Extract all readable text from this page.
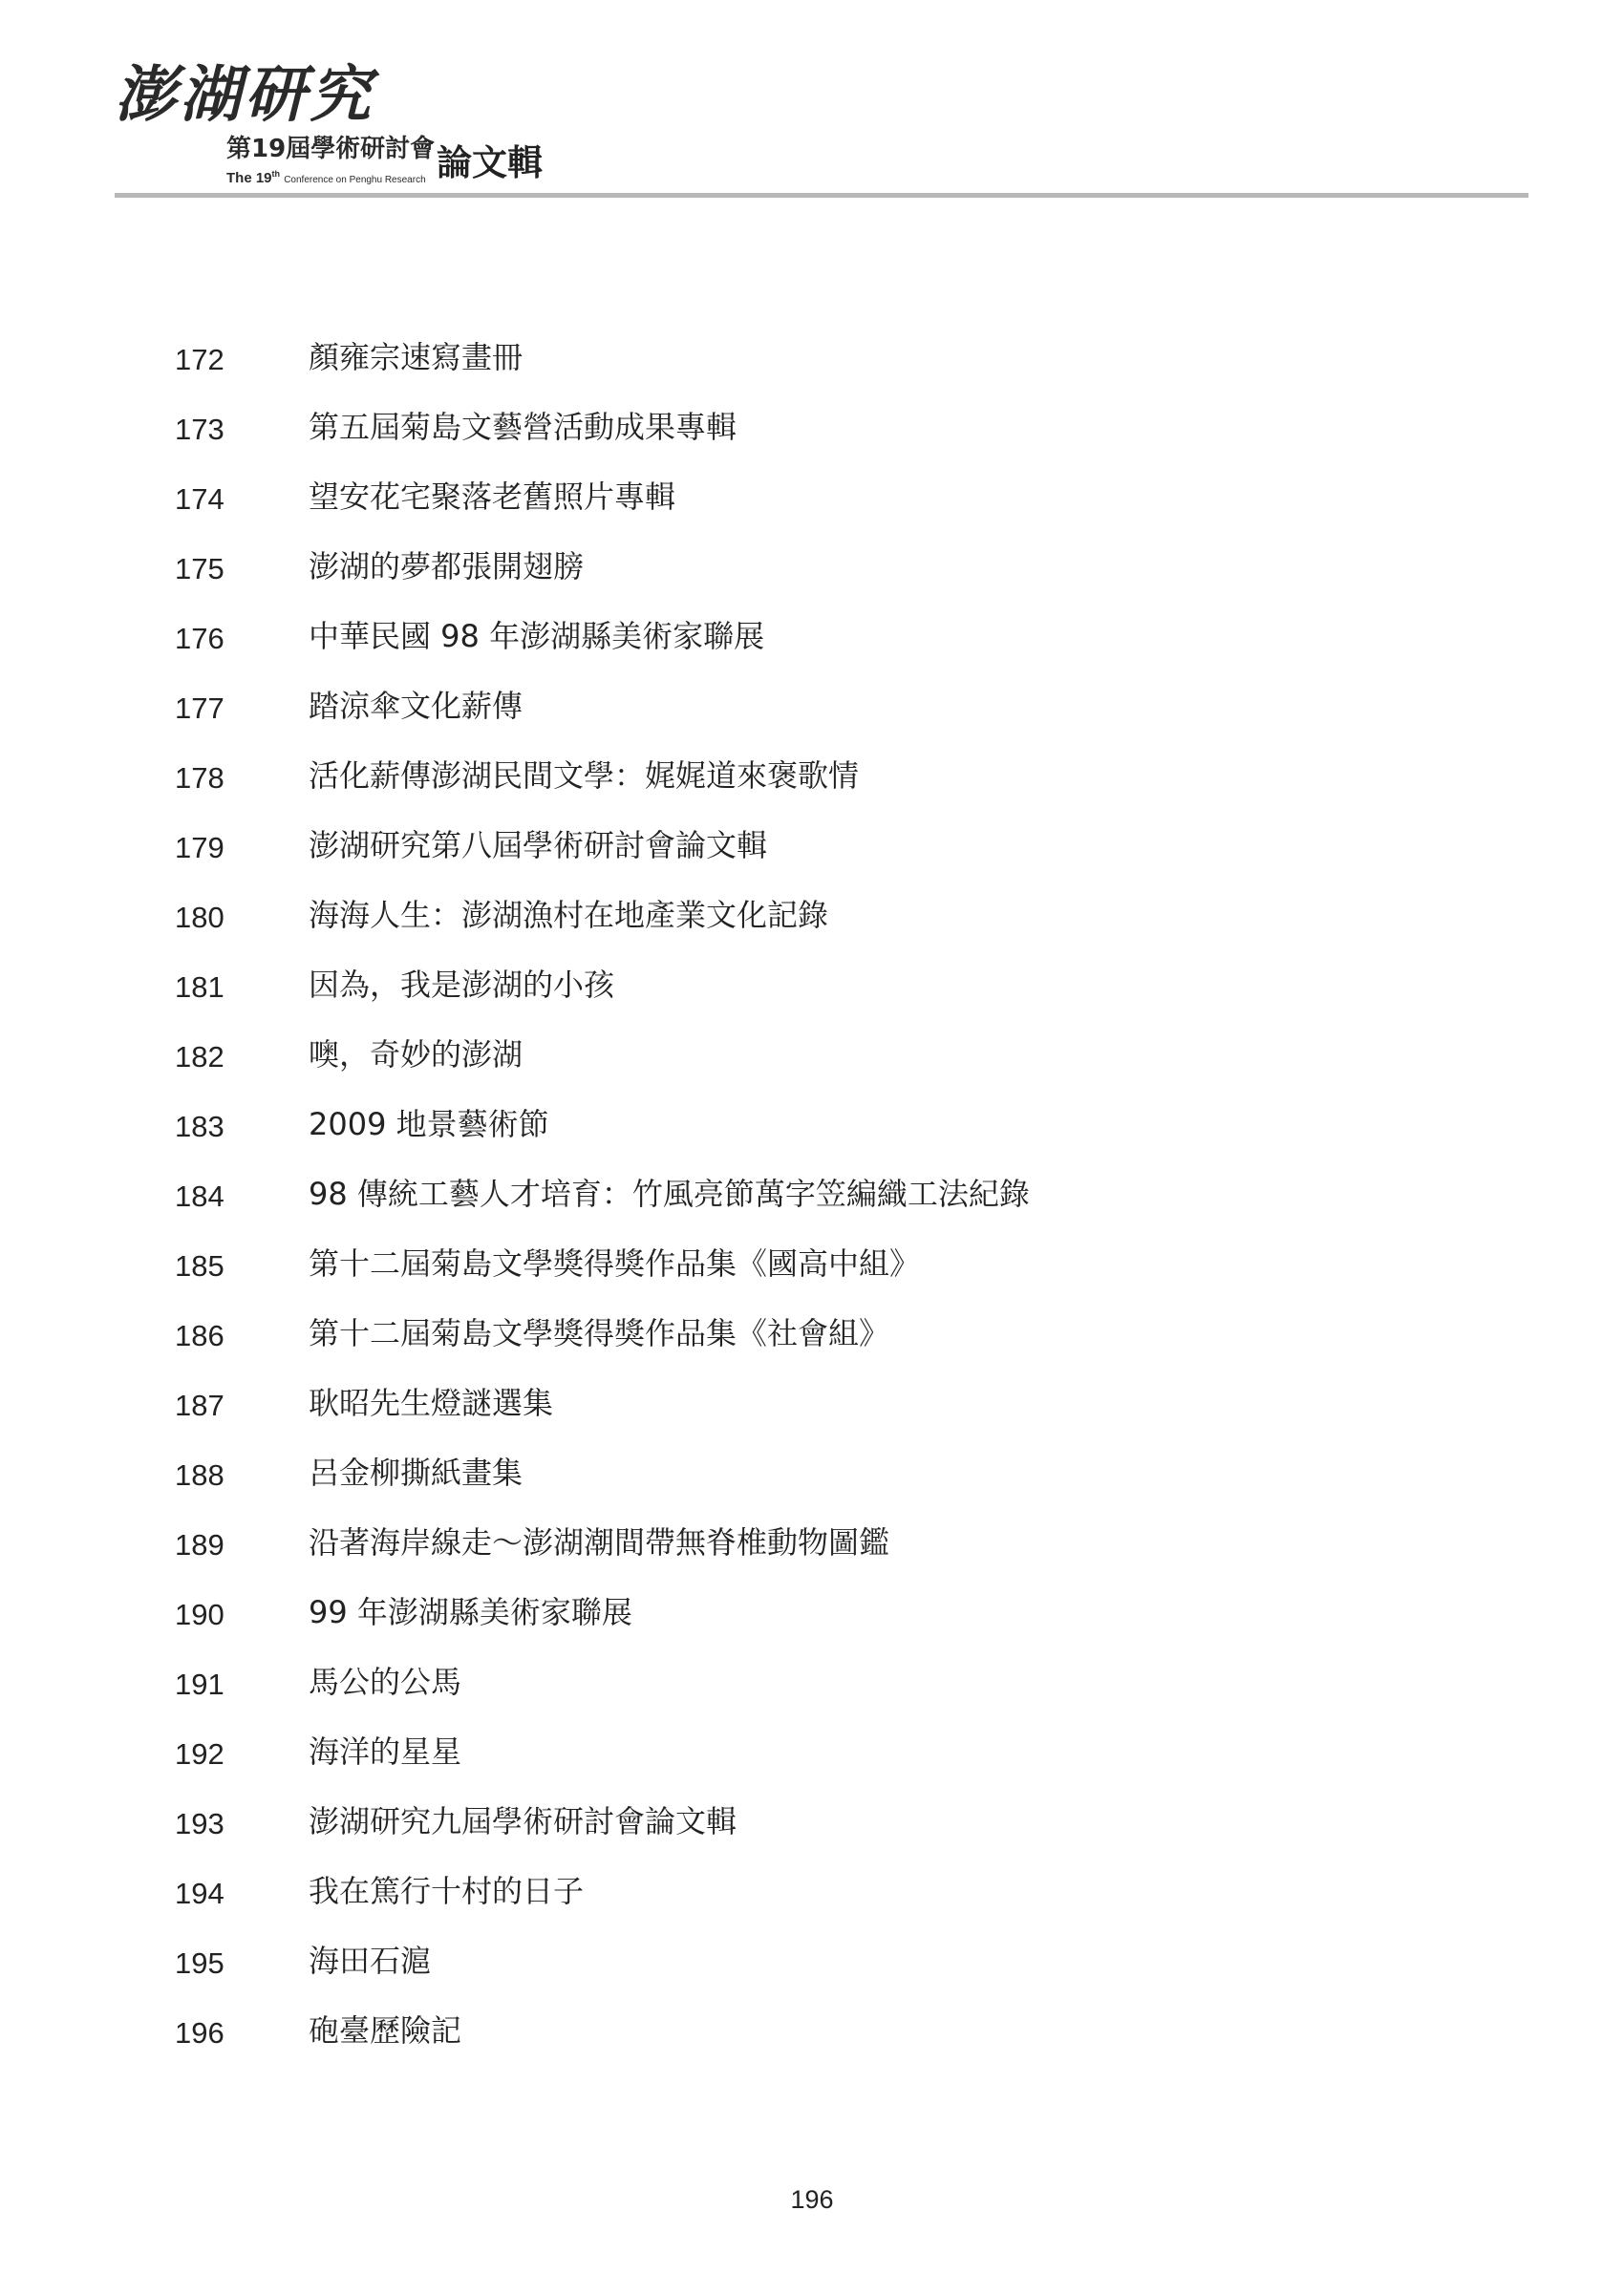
澎湖研究
第19屆學術研討會
The 19th Conference on Penghu Research 論文輯
172	顏雍宗速寫畫冊
173	第五屆菊島文藝營活動成果專輯
174	望安花宅聚落老舊照片專輯
175	澎湖的夢都張開翅膀
176	中華民國 98 年澎湖縣美術家聯展
177	踏涼傘文化薪傳
178	活化薪傳澎湖民間文學：娓娓道來褒歌情
179	澎湖研究第八屆學術研討會論文輯
180	海海人生：澎湖漁村在地產業文化記錄
181	因為，我是澎湖的小孩
182	噢，奇妙的澎湖
183	2009 地景藝術節
184	98 傳統工藝人才培育：竹風亮節萬字笠編織工法紀錄
185	第十二屆菊島文學獎得獎作品集《國高中組》
186	第十二屆菊島文學獎得獎作品集《社會組》
187	耿昭先生燈謎選集
188	呂金柳撕紙畫集
189	沿著海岸線走～澎湖潮間帶無脊椎動物圖鑑
190	99 年澎湖縣美術家聯展
191	馬公的公馬
192	海洋的星星
193	澎湖研究九屆學術研討會論文輯
194	我在篤行十村的日子
195	海田石滬
196	砲臺歷險記
196
